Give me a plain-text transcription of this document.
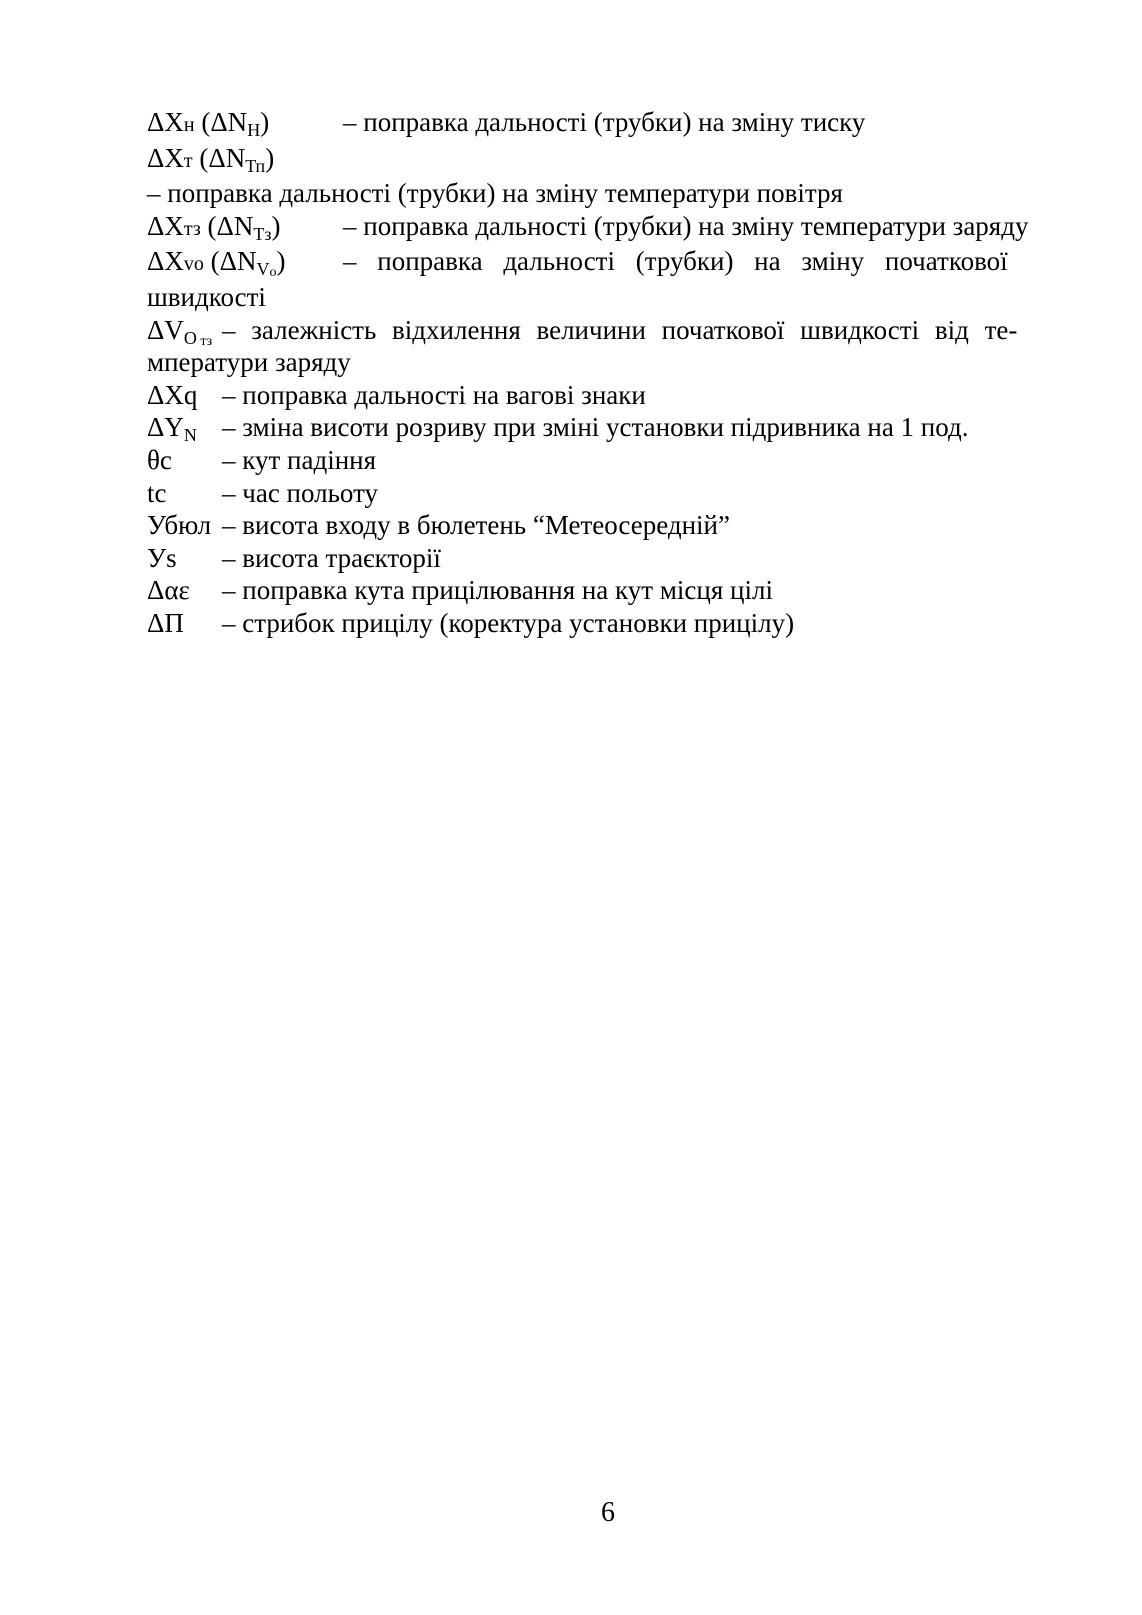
ΔXн $(\Delta N_Н)$	– поправка дальності (трубки) на зміну тиску

ΔXт $(\Delta N_{Тп})-$ поправка дальності (трубки) на зміну температури повітря

ΔXтз $(\Delta N_{Тз})$ – поправка дальності (трубки) на зміну температури заряду

ΔXvо $(\Delta N_{Vо})$ – поправка дальності (трубки) на зміну початкової
швидкості

$\Delta V_О$ $_{тз}$ – залежність відхилення величини початкової швидкості від те-
мператури заряду

ΔXq – поправка дальності на вагові знаки

$\Delta Y_N$ – зміна висоти розриву при зміні установки підривника на 1 под.

θс – кут падіння

tc – час польоту

Убюл – висота входу в бюлетень “Метеосередній”

Уs – висота траєкторії

Δαε – поправка кута прицілювання на кут місця цілі

ΔП – стрибок прицілу (коректура установки прицілу)

6
